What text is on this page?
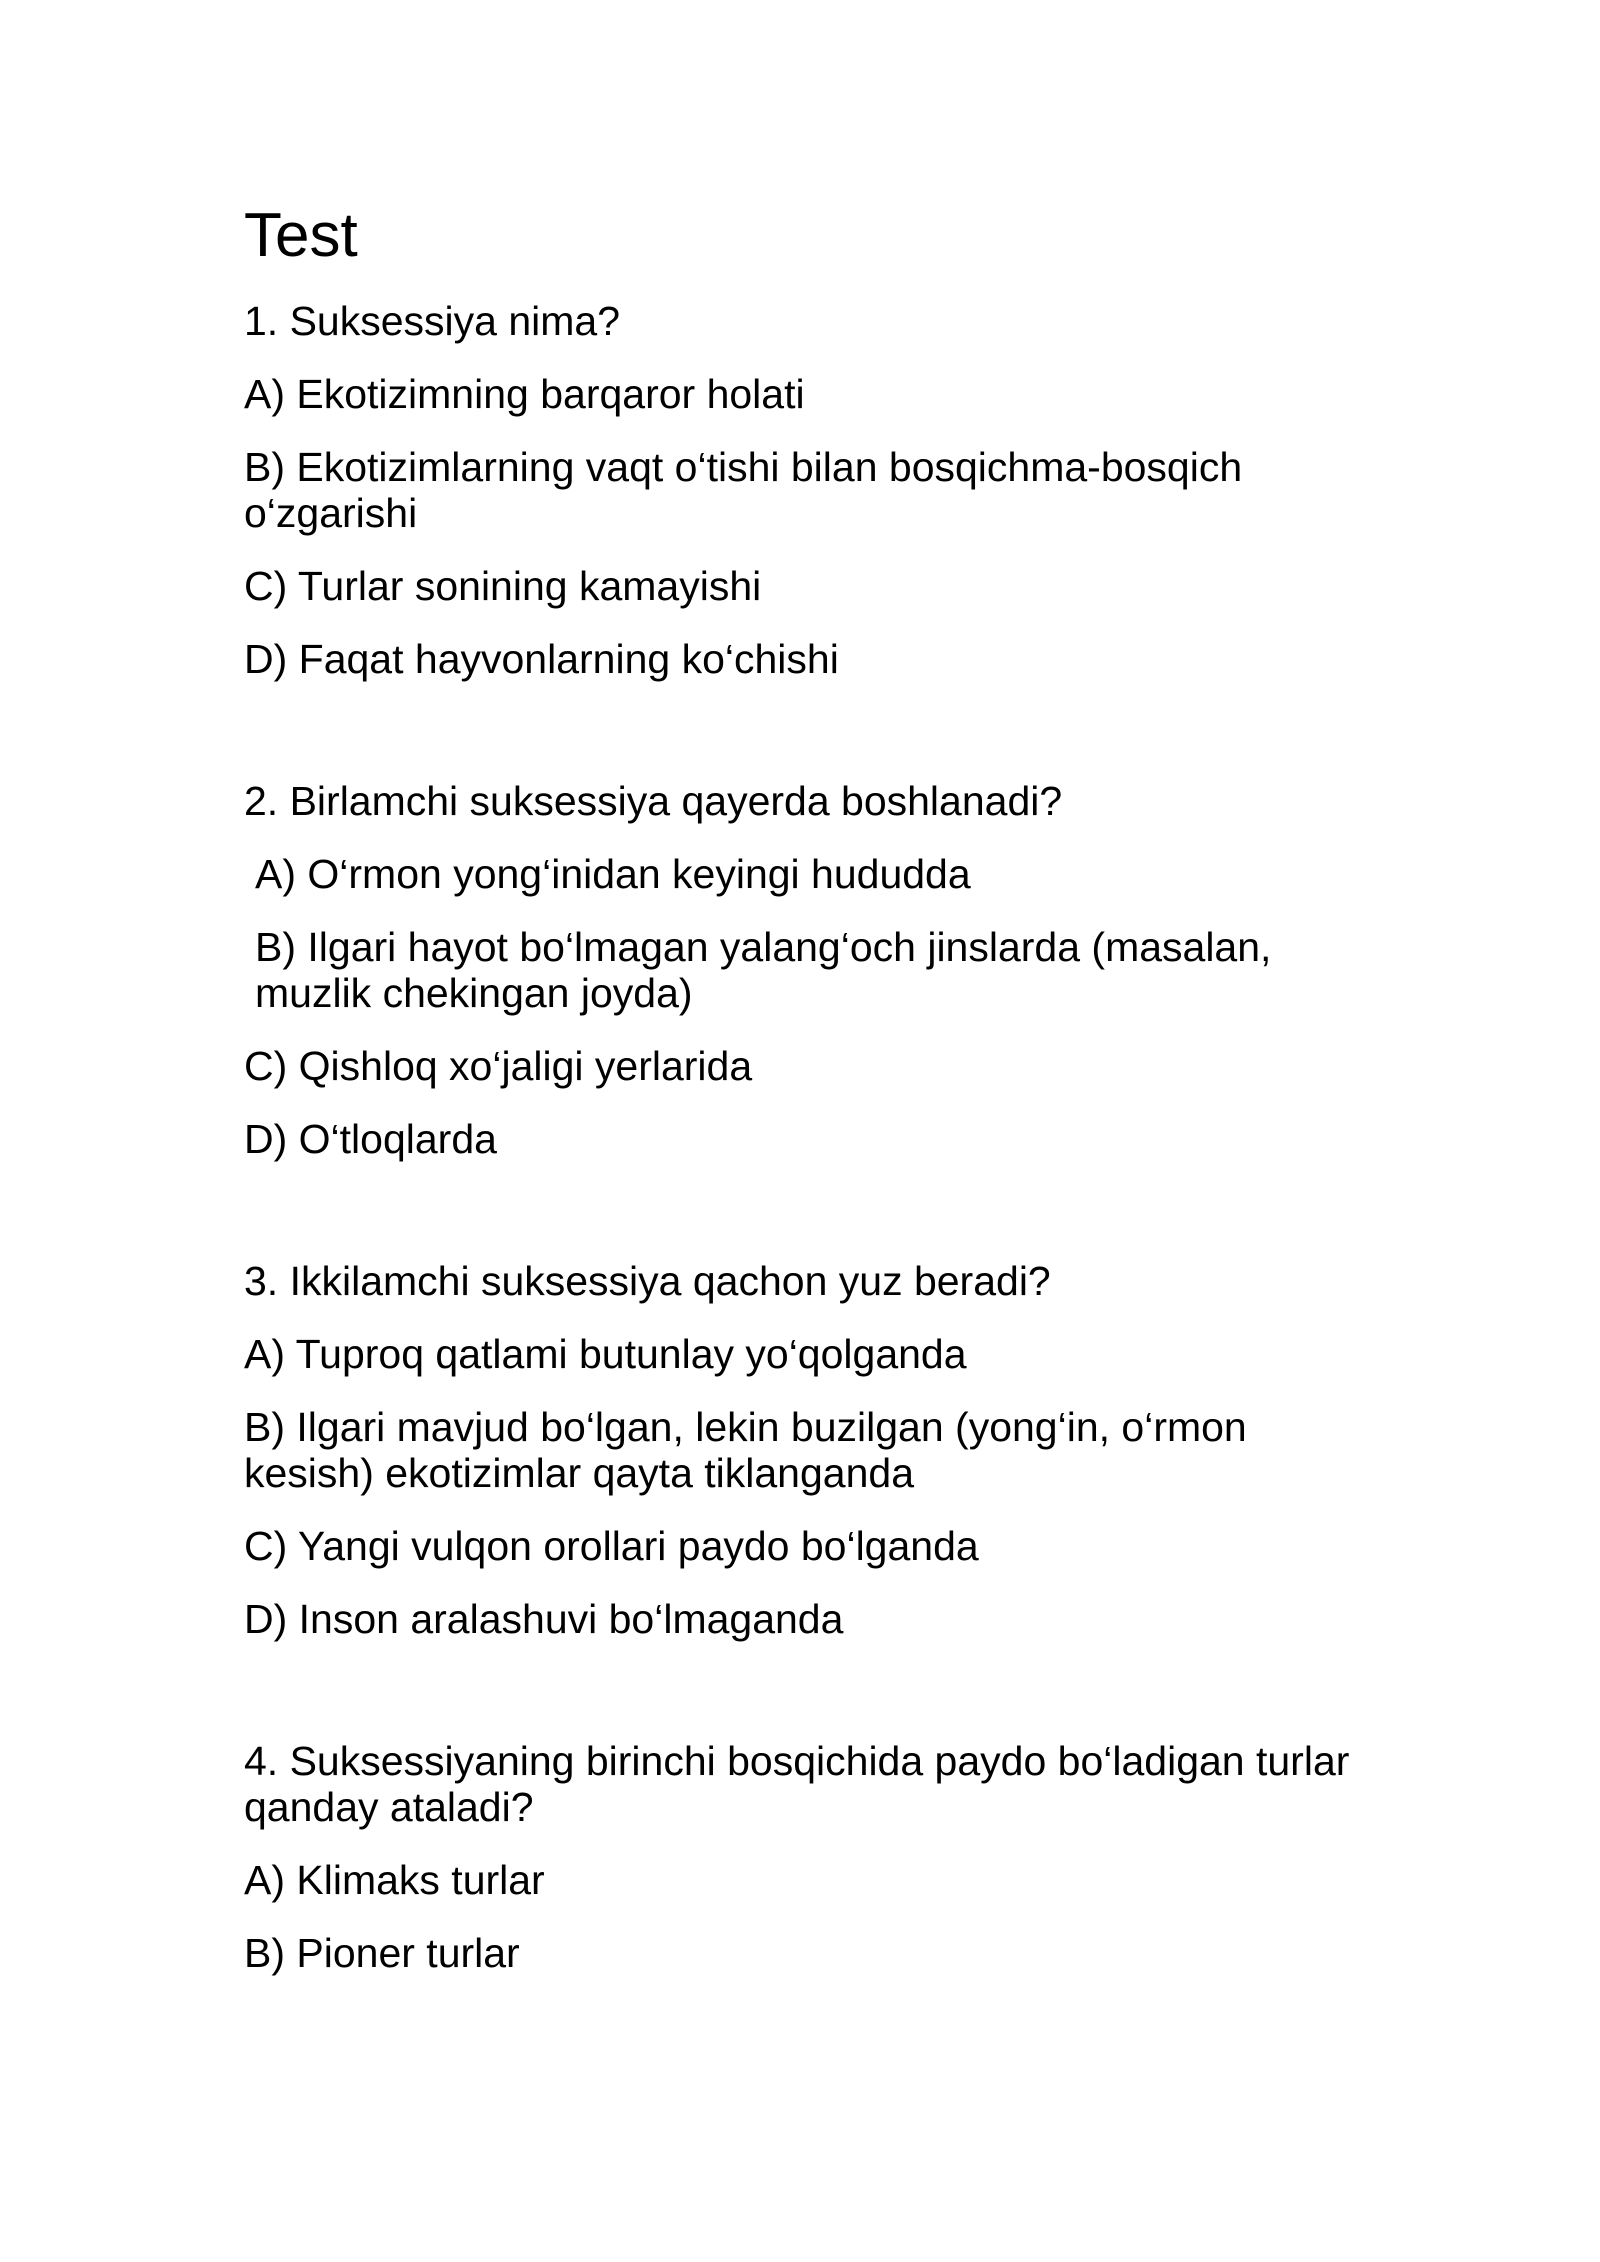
Test

1. Suksessiya nima?

A) Ekotizimning barqaror holati

B) Ekotizimlarning vaqt o‘tishi bilan bosqichma-bosqich o‘zgarishi

C) Turlar sonining kamayishi

D) Faqat hayvonlarning ko‘chishi

2. Birlamchi suksessiya qayerda boshlanadi?

A) O‘rmon yong‘inidan keyingi hududda

B) Ilgari hayot bo‘lmagan yalang‘och jinslarda (masalan, muzlik chekingan joyda)

C) Qishloq xo‘jaligi yerlarida

D) O‘tloqlarda

3. Ikkilamchi suksessiya qachon yuz beradi?

A) Tuproq qatlami butunlay yo‘qolganda

B) Ilgari mavjud bo‘lgan, lekin buzilgan (yong‘in, o‘rmon kesish) ekotizimlar qayta tiklanganda

C) Yangi vulqon orollari paydo bo‘lganda

D) Inson aralashuvi bo‘lmaganda

4. Suksessiyaning birinchi bosqichida paydo bo‘ladigan turlar qanday ataladi?

A) Klimaks turlar

B) Pioner turlar
